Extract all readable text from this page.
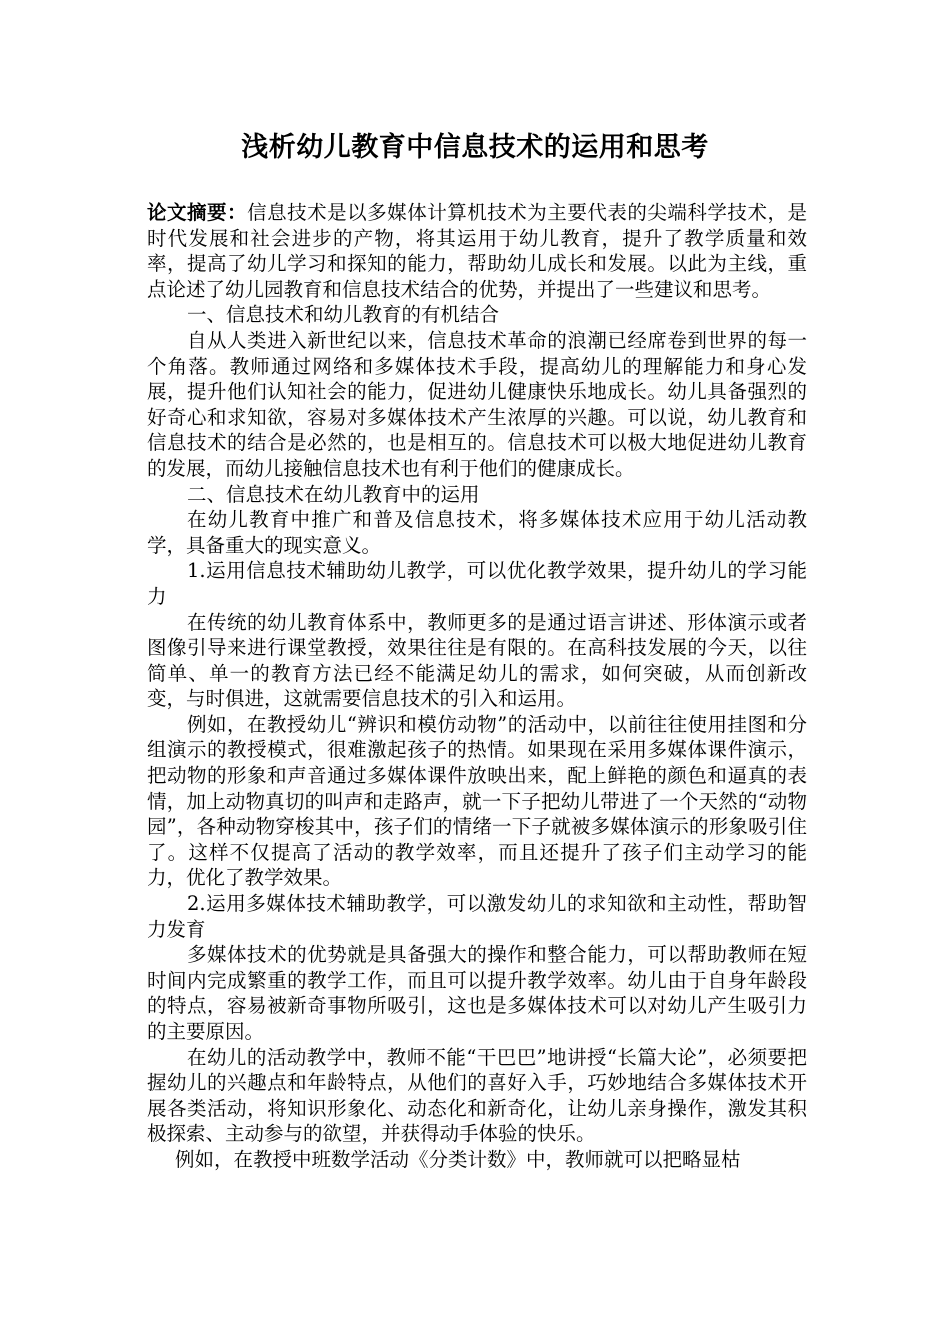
浅析幼儿教育中信息技术的运用和思考

论文摘要：信息技术是以多媒体计算机技术为主要代表的尖端科学技术，是时代发展和社会进步的产物，将其运用于幼儿教育，提升了教学质量和效率，提高了幼儿学习和探知的能力，帮助幼儿成长和发展。以此为主线，重点论述了幼儿园教育和信息技术结合的优势，并提出了一些建议和思考。

一、信息技术和幼儿教育的有机结合

自从人类进入新世纪以来，信息技术革命的浪潮已经席卷到世界的每一个角落。教师通过网络和多媒体技术手段，提高幼儿的理解能力和身心发展，提升他们认知社会的能力，促进幼儿健康快乐地成长。幼儿具备强烈的好奇心和求知欲，容易对多媒体技术产生浓厚的兴趣。可以说，幼儿教育和信息技术的结合是必然的，也是相互的。信息技术可以极大地促进幼儿教育的发展，而幼儿接触信息技术也有利于他们的健康成长。

二、信息技术在幼儿教育中的运用

在幼儿教育中推广和普及信息技术，将多媒体技术应用于幼儿活动教学，具备重大的现实意义。

1.运用信息技术辅助幼儿教学，可以优化教学效果，提升幼儿的学习能力

在传统的幼儿教育体系中，教师更多的是通过语言讲述、形体演示或者图像引导来进行课堂教授，效果往往是有限的。在高科技发展的今天，以往简单、单一的教育方法已经不能满足幼儿的需求，如何突破，从而创新改变，与时俱进，这就需要信息技术的引入和运用。

例如，在教授幼儿“辨识和模仿动物”的活动中，以前往往使用挂图和分组演示的教授模式，很难激起孩子的热情。如果现在采用多媒体课件演示，把动物的形象和声音通过多媒体课件放映出来，配上鲜艳的颜色和逼真的表情，加上动物真切的叫声和走路声，就一下子把幼儿带进了一个天然的“动物园”，各种动物穿梭其中，孩子们的情绪一下子就被多媒体演示的形象吸引住了。这样不仅提高了活动的教学效率，而且还提升了孩子们主动学习的能力，优化了教学效果。

2.运用多媒体技术辅助教学，可以激发幼儿的求知欲和主动性，帮助智力发育

多媒体技术的优势就是具备强大的操作和整合能力，可以帮助教师在短时间内完成繁重的教学工作，而且可以提升教学效率。幼儿由于自身年龄段的特点，容易被新奇事物所吸引，这也是多媒体技术可以对幼儿产生吸引力的主要原因。

在幼儿的活动教学中，教师不能“干巴巴”地讲授“长篇大论”，必须要把握幼儿的兴趣点和年龄特点，从他们的喜好入手，巧妙地结合多媒体技术开展各类活动，将知识形象化、动态化和新奇化，让幼儿亲身操作，激发其积极探索、主动参与的欲望，并获得动手体验的快乐。

例如，在教授中班数学活动《分类计数》中，教师就可以把略显枯
